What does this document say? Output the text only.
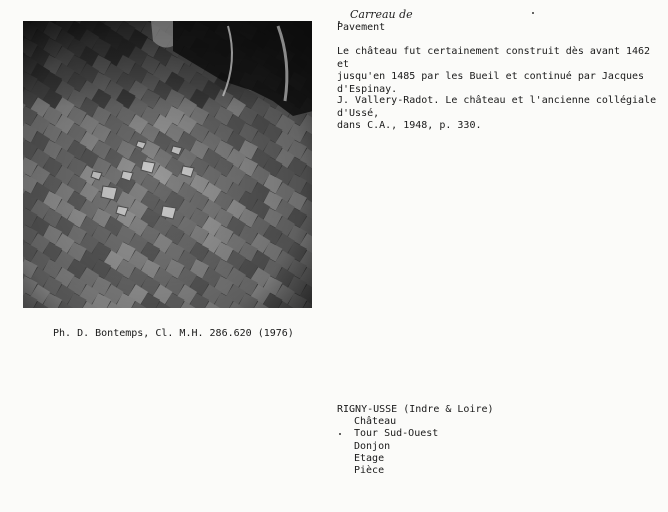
Carreau de
Pavement
Le château fut certainement construit dès avant 1462 et
jusqu'en 1485 par les Bueil et continué par Jacques
d'Espinay.
J. Vallery-Radot. Le château et l'ancienne collégiale d'Ussé,
dans C.A., 1948, p. 330.
Ph. D. Bontemps, Cl. M.H. 286.620 (1976)
RIGNY-USSE (Indre & Loire)
Château
Tour Sud-Ouest
Donjon
Etage
Pièce
